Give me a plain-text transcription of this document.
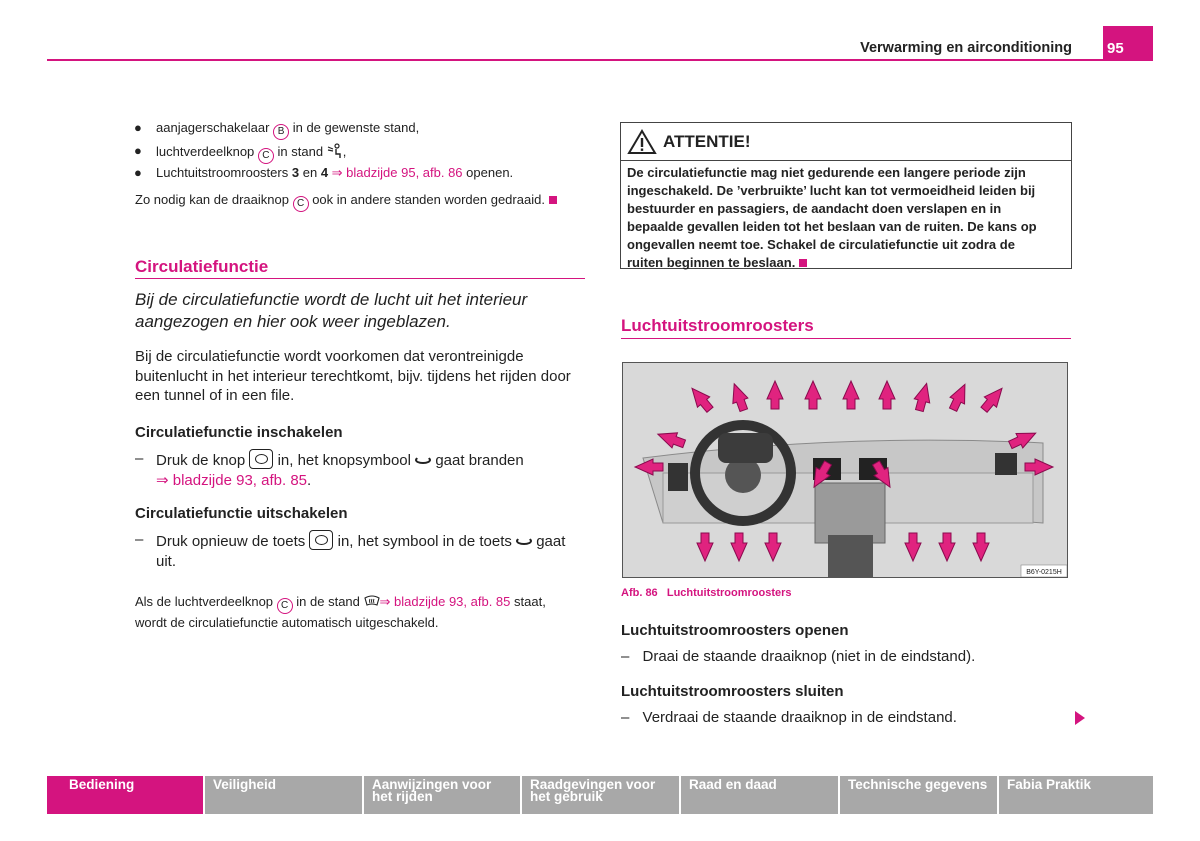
Verwarming en airconditioning 95
● aanjagerschakelaar B in de gewenste stand,
● luchtverdeelknop C in stand ,
● Luchtuitstroomroosters 3 en 4 ⇒ bladzijde 95, afb. 86 openen.
Zo nodig kan de draaiknop C ook in andere standen worden gedraaid.
Circulatiefunctie
Bij de circulatiefunctie wordt de lucht uit het interieur aangezogen en hier ook weer ingeblazen.
Bij de circulatiefunctie wordt voorkomen dat verontreinigde buitenlucht in het interieur terechtkomt, bijv. tijdens het rijden door een tunnel of in een file.
Circulatiefunctie inschakelen
– Druk de knop in, het knopsymbool gaat branden
⇒ bladzijde 93, afb. 85.
Circulatiefunctie uitschakelen
– Druk opnieuw de toets in, het symbool in de toets gaat
uit.
Als de luchtverdeelknop C in de stand ⇒ bladzijde 93, afb. 85 staat,
wordt de circulatiefunctie automatisch uitgeschakeld.
ATTENTIE!
De circulatiefunctie mag niet gedurende een langere periode zijn
ingeschakeld. De ’verbruikte’ lucht kan tot vermoeidheid leiden bij
bestuurder en passagiers, de aandacht doen verslapen en in
bepaalde gevallen leiden tot het beslaan van de ruiten. De kans op
ongevallen neemt toe. Schakel de circulatiefunctie uit zodra de
ruiten beginnen te beslaan.
Luchtuitstroomroosters
B6Y-0215H
Afb. 86 Luchtuitstroomroosters
Luchtuitstroomroosters openen
– Draai de staande draaiknop (niet in de eindstand).
Luchtuitstroomroosters sluiten
– Verdraai de staande draaiknop in de eindstand.
Bediening	Veiligheid	Aanwijzingen voor
het rijden
Raadgevingen voor
het gebruik
Raad en daad	Technische gegevens	Fabia Praktik
